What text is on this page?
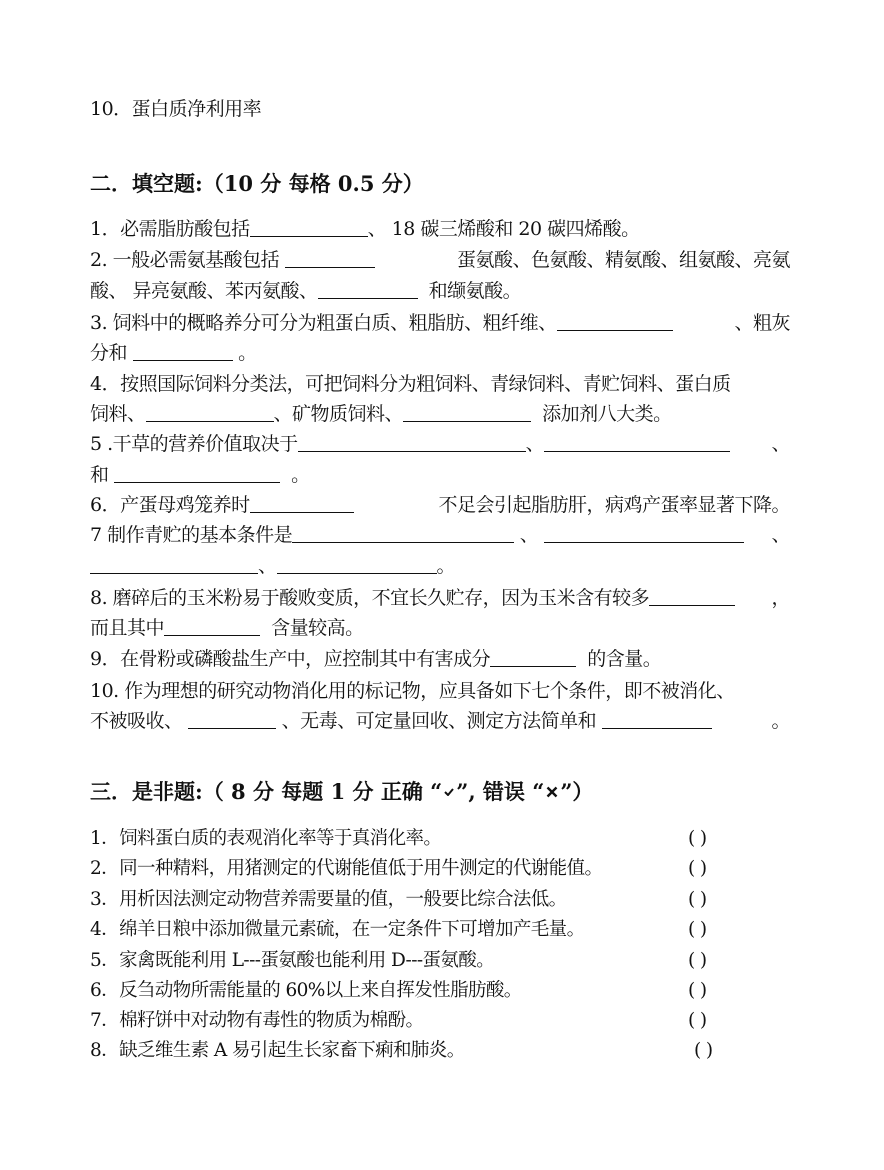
10．蛋白质净利用率
二．填空题:（10 分 每格 0.5 分）
1．必需脂肪酸包括	、 18 碳三烯酸和 20 碳四烯酸。
2. 一般必需氨基酸包括	蛋氨酸、色氨酸、精氨酸、组氨酸、亮氨
酸、 异亮氨酸、苯丙氨酸、	和缬氨酸。
3. 饲料中的概略养分可分为粗蛋白质、粗脂肪、粗纤维、	、粗灰
分和	。
4．按照国际饲料分类法，可把饲料分为粗饲料、青绿饲料、青贮饲料、蛋白质
饲料、	、矿物质饲料、	添加剂八大类。
5 .干草的营养价值取决于	、	、
和	。
6．产蛋母鸡笼养时	不足会引起脂肪肝，病鸡产蛋率显著下降。
7 制作青贮的基本条件是	、	、
、	。
8. 磨碎后的玉米粉易于酸败变质，不宜长久贮存，因为玉米含有较多	，
而且其中	含量较高。
9．在骨粉或磷酸盐生产中，应控制其中有害成分	的含量。
10. 作为理想的研究动物消化用的标记物，应具备如下七个条件，即不被消化、
不被吸收、	、无毒、可定量回收、测定方法简单和	。
三．是非题:（ 8 分 每题 1 分 正确 “ ”, 错误 “ ”）
1．饲料蛋白质的表观消化率等于真消化率。	( )
2．同一种精料，用猪测定的代谢能值低于用牛测定的代谢能值。	( )
3．用析因法测定动物营养需要量的值，一般要比综合法低。	( )
4．绵羊日粮中添加微量元素硫，在一定条件下可增加产毛量。	( )
5．家禽既能利用 L---蛋氨酸也能利用 D---蛋氨酸。	( )
6．反刍动物所需能量的 60%以上来自挥发性脂肪酸。	( )
7．棉籽饼中对动物有毒性的物质为棉酚。	( )
8．缺乏维生素 A 易引起生长家畜下痢和肺炎。	( )
